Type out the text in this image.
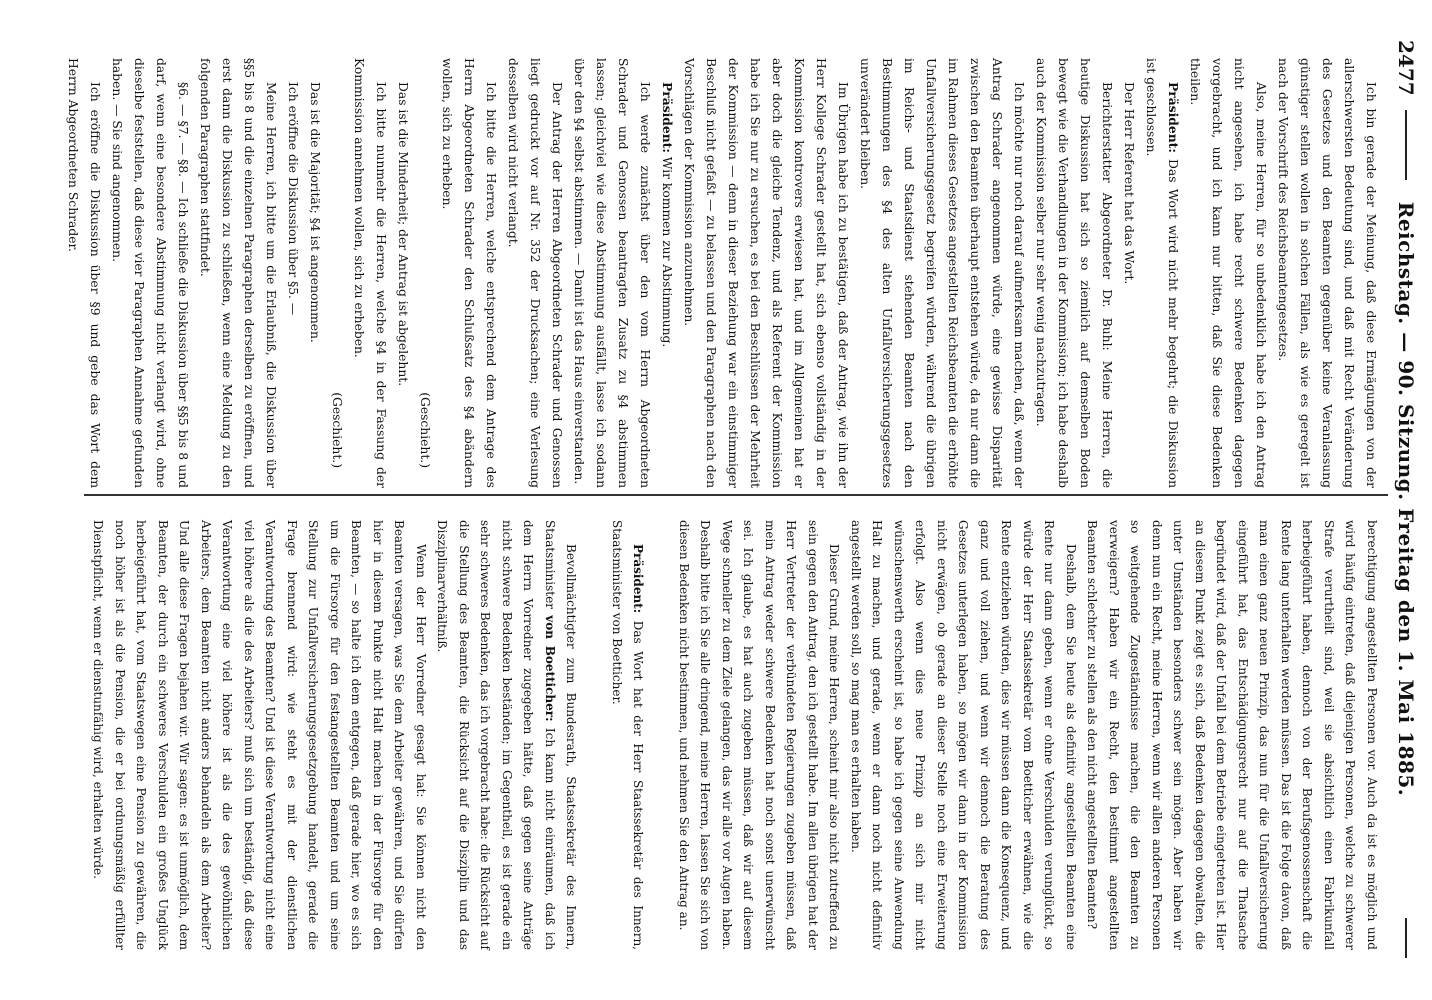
2477
Reichstag. — 90. Sitzung. Freitag den 1. Mai 1885.

Ich bin gerade der Meinung, daß diese Ermägungen von der allerschwersten Bedeutung sind, und daß mit Recht Veränderung des Gesetzes und den Beamten gegenüber keine Veranlassung günstiger stellen wollen in solchen Fällen, als wie es geregelt ist nach der Vorschrift des Reichsbeamtengesetzes.

Also, meine Herren, für so unbedenklich habe ich den Antrag nicht angesehen, ich habe recht schwere Bedenken dagegen vorgebracht, und ich kann nur bitten, daß Sie diese Bedenken theilen.

Präsident: Das Wort wird nicht mehr begehrt; die Diskussion ist geschlossen.

Der Herr Referent hat das Wort.

Berichterstatter Abgeordneter Dr. Buhl: Meine Herren, die heutige Diskussion hat sich so ziemlich auf demselben Boden bewegt wie die Verhandlungen in der Kommission; ich habe deshalb auch der Kommission selber nur sehr wenig nachzutragen.

Ich möchte nur noch darauf aufmerksam machen, daß, wenn der Antrag Schrader angenommen würde, eine gewisse Disparität zwischen den Beamten überhaupt entstehen würde, da nur dann die im Rahmen dieses Gesetzes angestellten Reichsbeamten die erhöhte Unfallversicherungsgesetz begreifen würden, während die übrigen im Reichs- und Staatsdienst stehenden Beamten nach den Bestimmungen des §4 des alten Unfallversicherungsgesetzes unverändert bleiben.

Im Übrigen habe ich zu bestätigen, daß der Antrag, wie ihn der Herr Kollege Schrader gestellt hat, sich ebenso vollständig in der Kommission kontrovers erwiesen hat, und im Allgemeinen hat er aber doch die gleiche Tendenz, und als Referent der Kommission habe ich Sie nur zu ersuchen, es bei den Beschlüssen der Mehrheit der Kommission — denn in dieser Beziehung war ein einstimmiger Beschluß nicht gefaßt — zu belassen und den Paragraphen nach den Vorschlägen der Kommission anzunehmen.

Präsident: Wir kommen zur Abstimmung.

Ich werde zunächst über den vom Herrn Abgeordneten Schrader und Genossen beantragten Zusatz zu §4 abstimmen lassen; gleichviel wie diese Abstimmung ausfällt, lasse ich sodann über den §4 selbst abstimmen. — Damit ist das Haus einverstanden.

Der Antrag der Herren Abgeordneten Schrader und Genossen liegt gedruckt vor auf Nr. 352 der Drucksachen; eine Verlesung desselben wird nicht verlangt.

Ich bitte die Herren, welche entsprechend dem Antrage des Herrn Abgeordneten Schrader den Schlußsatz des §4 abändern wollen, sich zu erheben.

(Geschieht.)

Das ist die Minderheit; der Antrag ist abgelehnt.

Ich bitte nunmehr die Herren, welche §4 in der Fassung der Kommission annehmen wollen, sich zu erheben.

(Geschieht.)

Das ist die Majorität; §4 ist angenommen.

Ich eröffne die Diskussion über §5. —

Meine Herren, ich bitte um die Erlaubniß, die Diskussion über §§5 bis 8 und die einzelnen Paragraphen derselben zu eröffnen, und erst dann die Diskussion zu schließen, wenn eine Meldung zu den folgenden Paragraphen stattfindet.

§6. — §7. — §8. — Ich schließe die Diskussion über §§5 bis 8 und darf, wenn eine besondere Abstimmung nicht verlangt wird, ohne dieselbe feststellen, daß diese vier Paragraphen Annahme gefunden haben. — Sie sind angenommen.

Ich eröffne die Diskussion über §9 und gebe das Wort dem Herrn Abgeordneten Schrader.

berechtigung angestellten Personen vor. Auch da ist es möglich und wird häufig eintreten, daß diejenigen Personen, welche zu schwerer Strafe verurtheilt sind, weil sie absichtlich einen Fabrikunfall herbeigeführt haben, dennoch von der Berufsgenossenschaft die Rente lang unterhalten werden müssen. Das ist die Folge davon, daß man einen ganz neuen Prinzip, das nun für die Unfallversicherung eingeführt hat, das Entschädigungsrecht nur auf die Thatsache begründet wird, daß der Unfall bei dem Betriebe eingetreten ist. Hier an diesem Punkt zeigt es sich, daß Bedenken dagegen obwalten, die unter Umständen besonders schwer sein mögen. Aber haben wir denn nun ein Recht, meine Herren, wenn wir allen anderen Personen so weitgehende Zugeständnisse machen, die den Beamten zu verweigern? Haben wir ein Recht, den bestimmt angestellten Beamten schlechter zu stellen als den nicht angestellten Beamten?

Deshalb, dem Sie heute als definitiv angestellten Beamten eine Rente nur dann geben, wenn er ohne Verschulden verunglückt, so würde der Herr Staatssekretär vom Boetticher erwähnen, wie die Rente entziehen würden, dies wir müssen dann die Konsequenz, und ganz und voll ziehen, und wenn wir dennoch die Beratung des Gesetzes unterlegen haben, so mögen wir dann in der Kommission nicht erwägen, ob gerade an dieser Stelle noch eine Erweiterung erfolgt. Also wenn dies neue Prinzip an sich mir nicht wünschenswerth erscheint ist, so habe ich gegen seine Anwendung Halt zu machen, und gerade, wenn er dann noch nicht definitiv angestellt werden soll, so mag man es erhalten haben.

Dieser Grund, meine Herren, scheint mir also nicht zutreffend zu sein gegen den Antrag, den ich gestellt habe. Im allen übrigen hat der Herr Vertreter der verbündeten Regierungen zugeben müssen, daß mein Antrag weder schwere Bedenken hat noch sonst unerwünscht sei. Ich glaube, es hat auch zugeben müssen, daß wir auf diesem Wege schneller zu dem Ziele gelangen, das wir alle vor Augen haben. Deshalb bitte ich Sie alle dringend, meine Herren, lassen Sie sich von diesen Bedenken nicht bestimmen, und nehmen Sie den Antrag an.

Präsident: Das Wort hat der Herr Staatssekretär des Innern, Staatsminister von Boetticher.

Bevollmächtigter zum Bundesrath, Staatssekretär des Innern, Staatsminister von Boetticher: Ich kann nicht einräumen, daß ich dem Herrn Vorredner zugegeben hätte, daß gegen seine Anträge nicht schwere Bedenken beständen; im Gegentheil, es ist gerade ein sehr schweres Bedenken, das ich vorgebracht habe: die Rücksicht auf die Stellung des Beamten, die Rücksicht auf die Disziplin und das Disziplinarverhältniß.

Wenn der Herr Vorredner gesagt hat: Sie können nicht den Beamten versagen, was Sie dem Arbeiter gewähren, und Sie dürfen hier in diesem Punkte nicht Halt machen in der Fürsorge für den Beamten, — so halte ich dem entgegen, daß gerade hier, wo es sich um die Fürsorge für den festangestellten Beamten und um seine Stellung zur Unfallversicherungsgesetzgebung handelt, gerade die Frage brennend wird: wie steht es mit der dienstlichen Verantwortung des Beamten? Und ist diese Verantwortung nicht eine viel höhere als die des Arbeiters? muß sich um beständig, daß diese Verantwortung eine viel höhere ist als die des gewöhnlichen Arbeiters, dem Beamten nicht anders behandeln als dem Arbeiter? Und alle diese Fragen bejahen wir. Wir sagen: es ist unmöglich, dem Beamten, der durch ein schweres Verschulden ein großes Unglück herbeigeführt hat, vom Staatswegen eine Pension zu gewähren, die noch höher ist als die Pension, die er bei ordnungsmäßig erfüllter Dienstpflicht, wenn er dienstunfähig wird, erhalten würde.
